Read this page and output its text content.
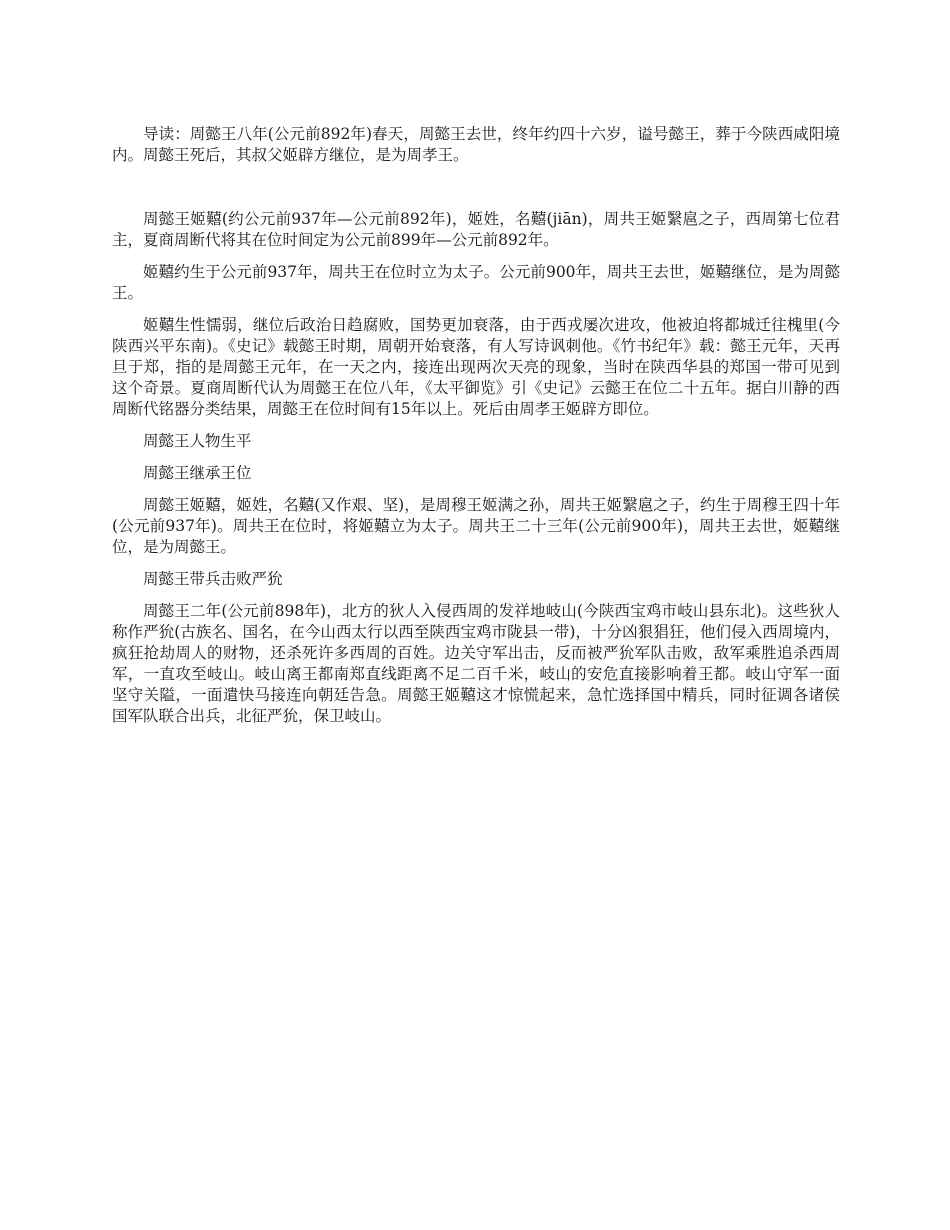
导读：周懿王八年(公元前892年)春天，周懿王去世，终年约四十六岁，谥号懿王，葬于今陕西咸阳境内。周懿王死后，其叔父姬辟方继位，是为周孝王。

周懿王姬囏(约公元前937年—公元前892年)，姬姓，名囏(jiān)，周共王姬繄扈之子，西周第七位君主，夏商周断代将其在位时间定为公元前899年—公元前892年。

姬囏约生于公元前937年，周共王在位时立为太子。公元前900年，周共王去世，姬囏继位，是为周懿王。

姬囏生性懦弱，继位后政治日趋腐败，国势更加衰落，由于西戎屡次进攻，他被迫将都城迁往槐里(今陕西兴平东南)。《史记》载懿王时期，周朝开始衰落，有人写诗讽刺他。《竹书纪年》载：懿王元年，天再旦于郑，指的是周懿王元年，在一天之内，接连出现两次天亮的现象，当时在陕西华县的郑国一带可见到这个奇景。夏商周断代认为周懿王在位八年，《太平御览》引《史记》云懿王在位二十五年。据白川静的西周断代铭器分类结果，周懿王在位时间有15年以上。死后由周孝王姬辟方即位。

周懿王人物生平

周懿王继承王位

周懿王姬囏，姬姓，名囏(又作艰、坚)，是周穆王姬满之孙，周共王姬繄扈之子，约生于周穆王四十年(公元前937年)。周共王在位时，将姬囏立为太子。周共王二十三年(公元前900年)，周共王去世，姬囏继位，是为周懿王。

周懿王带兵击败严狁

周懿王二年(公元前898年)，北方的狄人入侵西周的发祥地岐山(今陕西宝鸡市岐山县东北)。这些狄人称作严狁(古族名、国名，在今山西太行以西至陕西宝鸡市陇县一带)，十分凶狠猖狂，他们侵入西周境内，疯狂抢劫周人的财物，还杀死许多西周的百姓。边关守军出击，反而被严狁军队击败，敌军乘胜追杀西周军，一直攻至岐山。岐山离王都南郑直线距离不足二百千米，岐山的安危直接影响着王都。岐山守军一面坚守关隘，一面遣快马接连向朝廷告急。周懿王姬囏这才惊慌起来，急忙选择国中精兵，同时征调各诸侯国军队联合出兵，北征严狁，保卫岐山。
